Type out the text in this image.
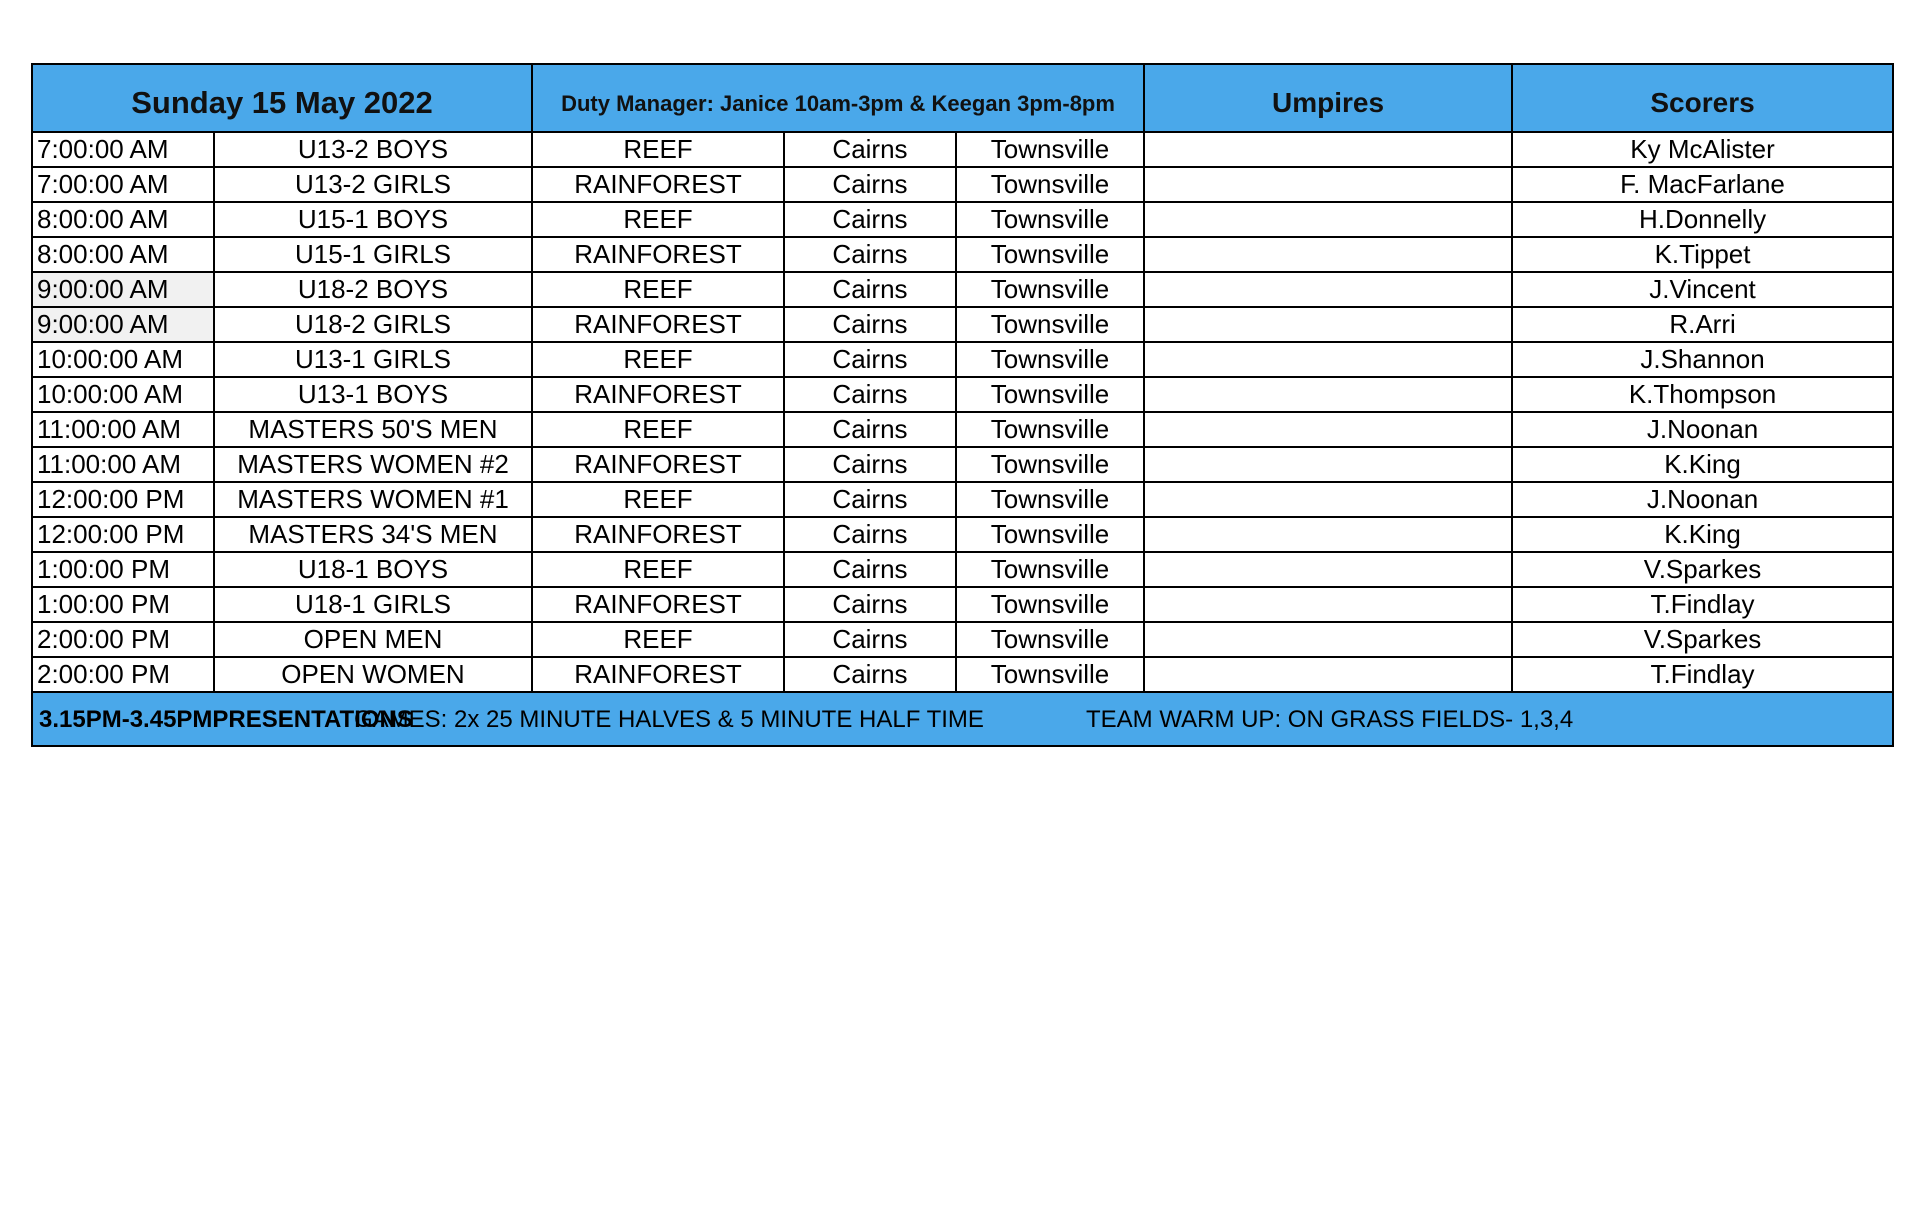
Sunday 15 May 2022		Duty Manager: Janice 10am-3pm & Keegan 3pm-8pm			Umpires	Scorers
7:00:00 AM	U13-2 BOYS	REEF	Cairns	Townsville		Ky McAlister
7:00:00 AM	U13-2 GIRLS	RAINFOREST	Cairns	Townsville		F. MacFarlane
8:00:00 AM	U15-1 BOYS	REEF	Cairns	Townsville		H.Donnelly
8:00:00 AM	U15-1 GIRLS	RAINFOREST	Cairns	Townsville		K.Tippet
9:00:00 AM	U18-2 BOYS	REEF	Cairns	Townsville		J.Vincent
9:00:00 AM	U18-2 GIRLS	RAINFOREST	Cairns	Townsville		R.Arri
10:00:00 AM	U13-1 GIRLS	REEF	Cairns	Townsville		J.Shannon
10:00:00 AM	U13-1 BOYS	RAINFOREST	Cairns	Townsville		K.Thompson
11:00:00 AM	MASTERS 50'S MEN	REEF	Cairns	Townsville		J.Noonan
11:00:00 AM	MASTERS WOMEN #2	RAINFOREST	Cairns	Townsville		K.King
12:00:00 PM	MASTERS WOMEN #1	REEF	Cairns	Townsville		J.Noonan
12:00:00 PM	MASTERS 34'S MEN	RAINFOREST	Cairns	Townsville		K.King
1:00:00 PM	U18-1 BOYS	REEF	Cairns	Townsville		V.Sparkes
1:00:00 PM	U18-1 GIRLS	RAINFOREST	Cairns	Townsville		T.Findlay
2:00:00 PM	OPEN MEN	REEF	Cairns	Townsville		V.Sparkes
2:00:00 PM	OPEN WOMEN	RAINFOREST	Cairns	Townsville		T.Findlay

3.15PM-3.45PMPRESENTATIONS
GAMES: 2x 25 MINUTE HALVES & 5 MINUTE HALF TIME TEAM WARM UP: ON GRASS FIELDS- 1,3,4						
